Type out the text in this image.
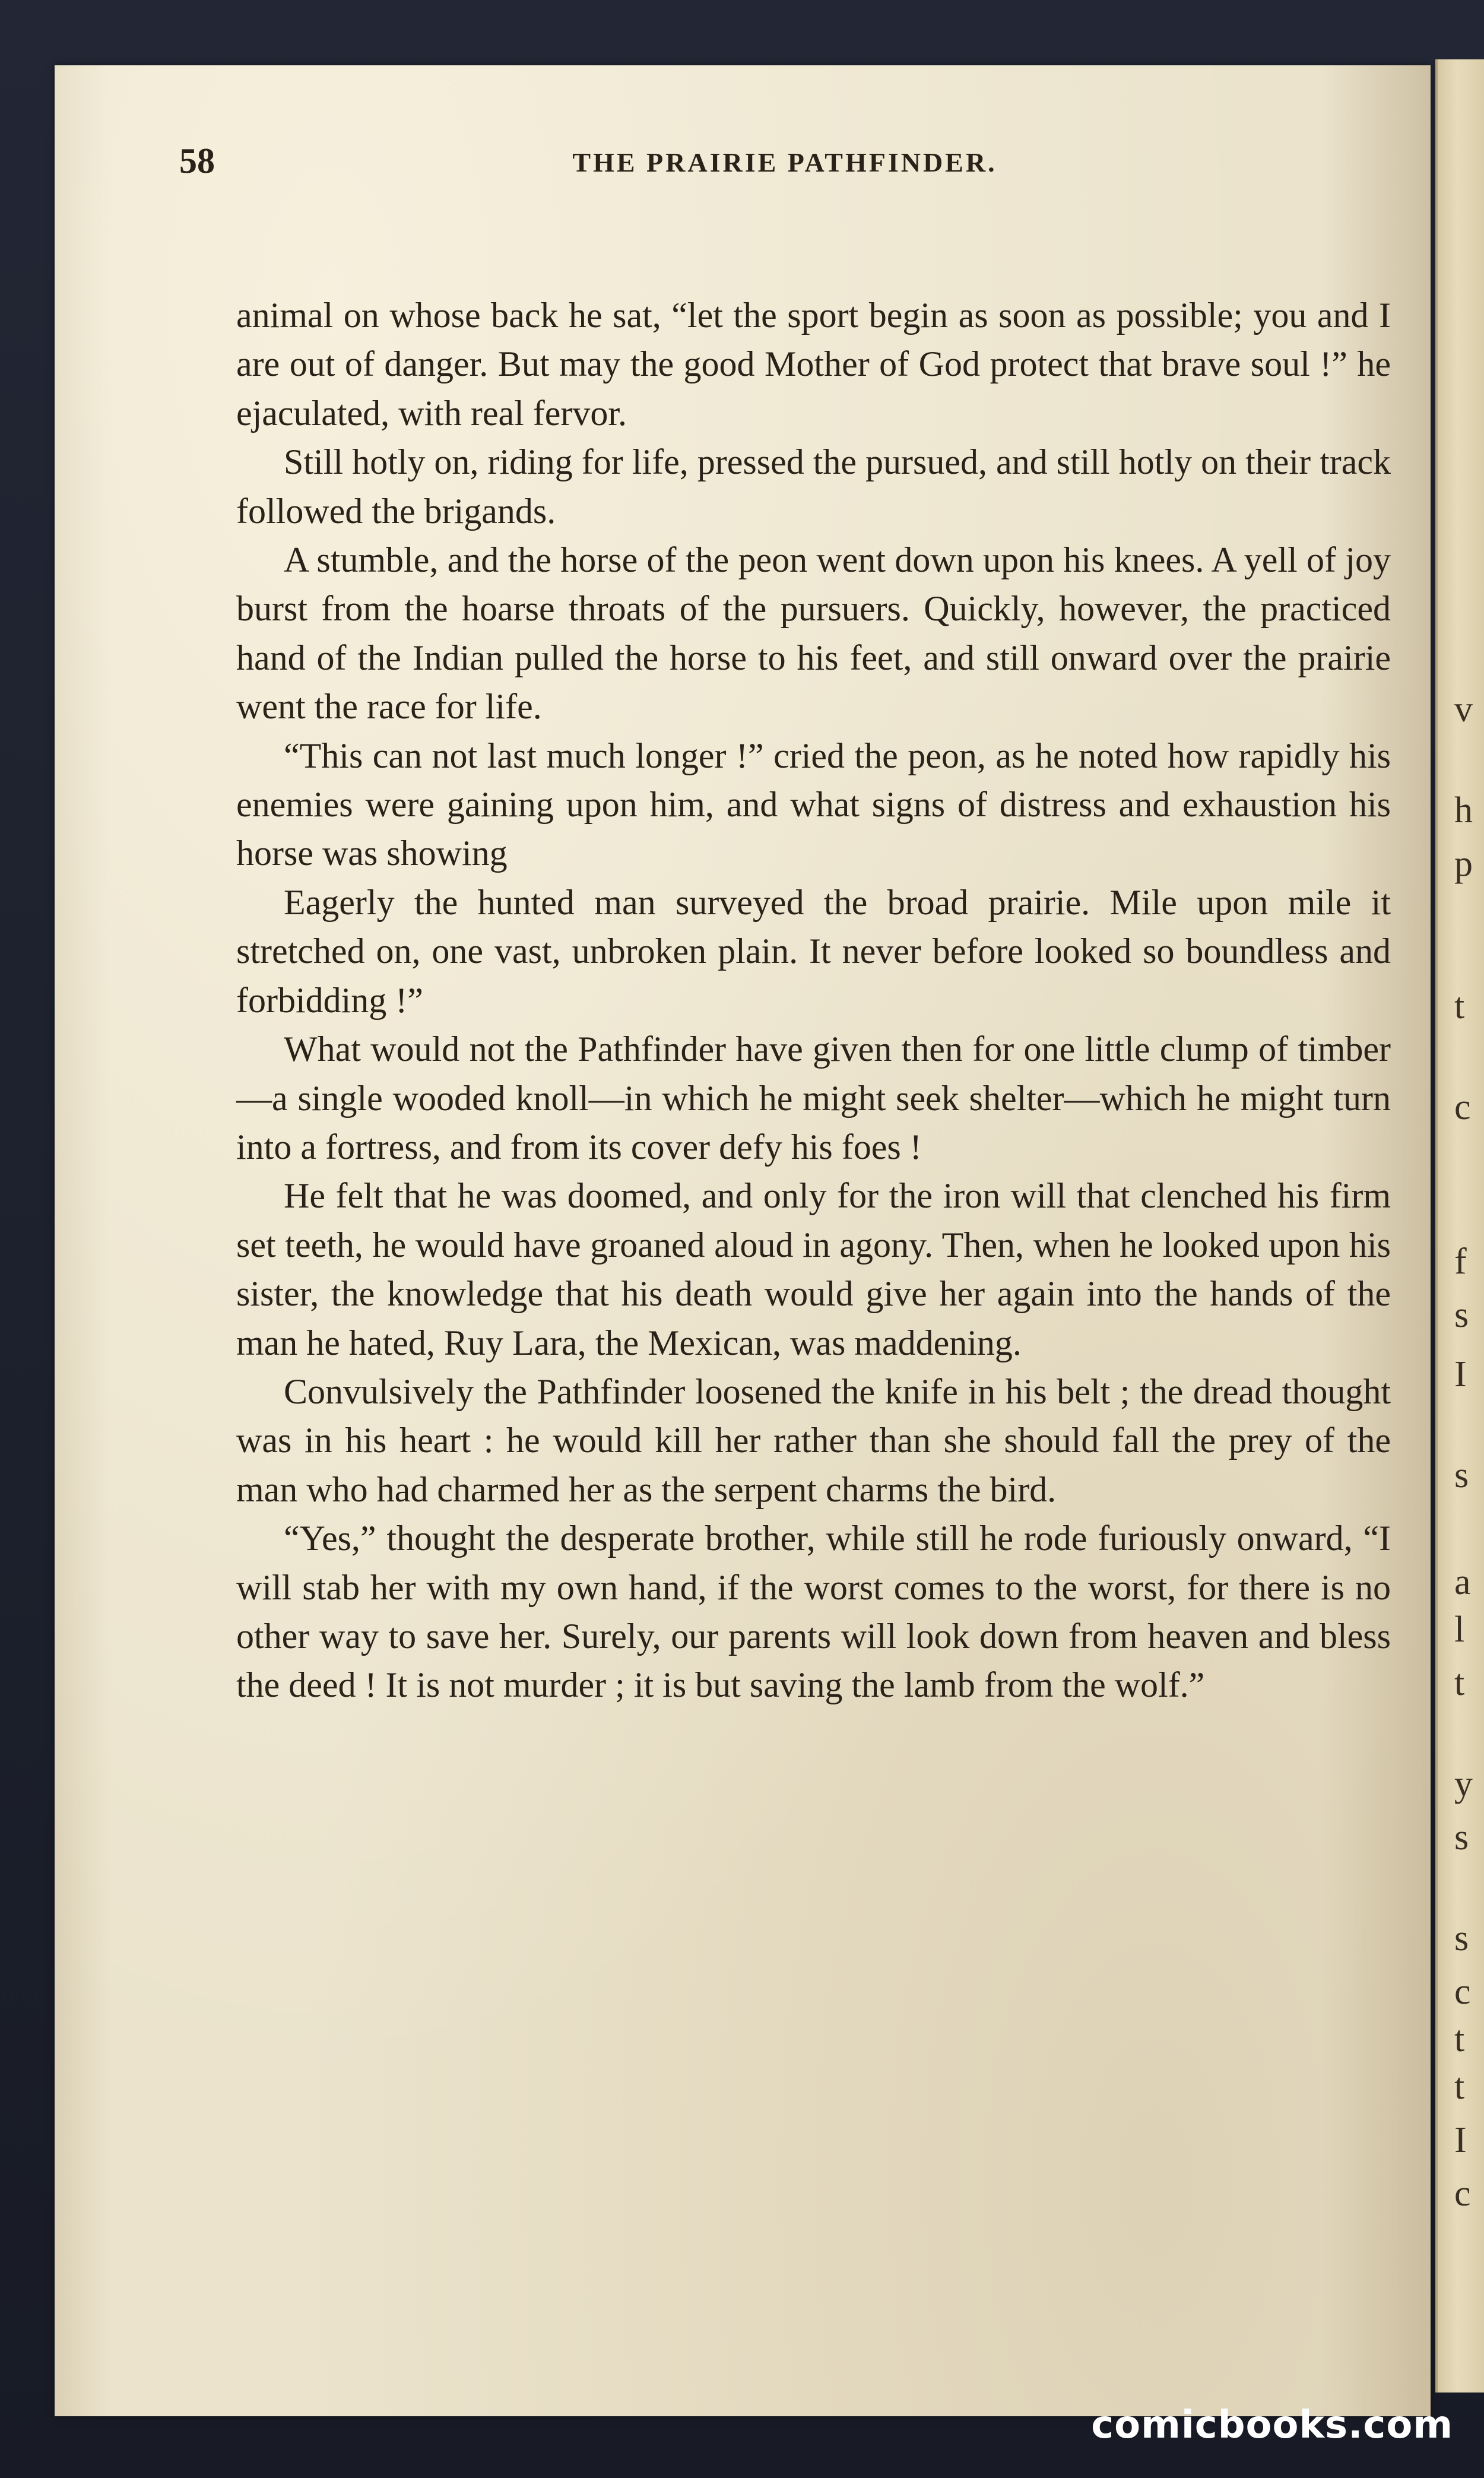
v
h
p
t
c
f
s
I
s
a
l
t
y
s
s
c
t
t
I
c
58	THE PRAIRIE PATHFINDER.

animal on whose back he sat, “let the sport begin as soon as possible; you and I are out of danger. But may the good Mother of God protect that brave soul !” he ejaculated, with real fervor.

Still hotly on, riding for life, pressed the pursued, and still hotly on their track followed the brigands.

A stumble, and the horse of the peon went down upon his knees. A yell of joy burst from the hoarse throats of the pursuers. Quickly, however, the practiced hand of the Indian pulled the horse to his feet, and still onward over the prairie went the race for life.

“This can not last much longer !” cried the peon, as he noted how rapidly his enemies were gaining upon him, and what signs of distress and exhaustion his horse was showing

Eagerly the hunted man surveyed the broad prairie. Mile upon mile it stretched on, one vast, unbroken plain. It never before looked so boundless and forbidding !”

What would not the Pathfinder have given then for one little clump of timber—a single wooded knoll—in which he might seek shelter—which he might turn into a fortress, and from its cover defy his foes !

He felt that he was doomed, and only for the iron will that clenched his firm set teeth, he would have groaned aloud in agony. Then, when he looked upon his sister, the knowledge that his death would give her again into the hands of the man he hated, Ruy Lara, the Mexican, was maddening.

Convulsively the Pathfinder loosened the knife in his belt ; the dread thought was in his heart : he would kill her rather than she should fall the prey of the man who had charmed her as the serpent charms the bird.

“Yes,” thought the desperate brother, while still he rode furiously onward, “I will stab her with my own hand, if the worst comes to the worst, for there is no other way to save her. Surely, our parents will look down from heaven and bless the deed ! It is not murder ; it is but saving the lamb from the wolf.”

comicbooks.com
